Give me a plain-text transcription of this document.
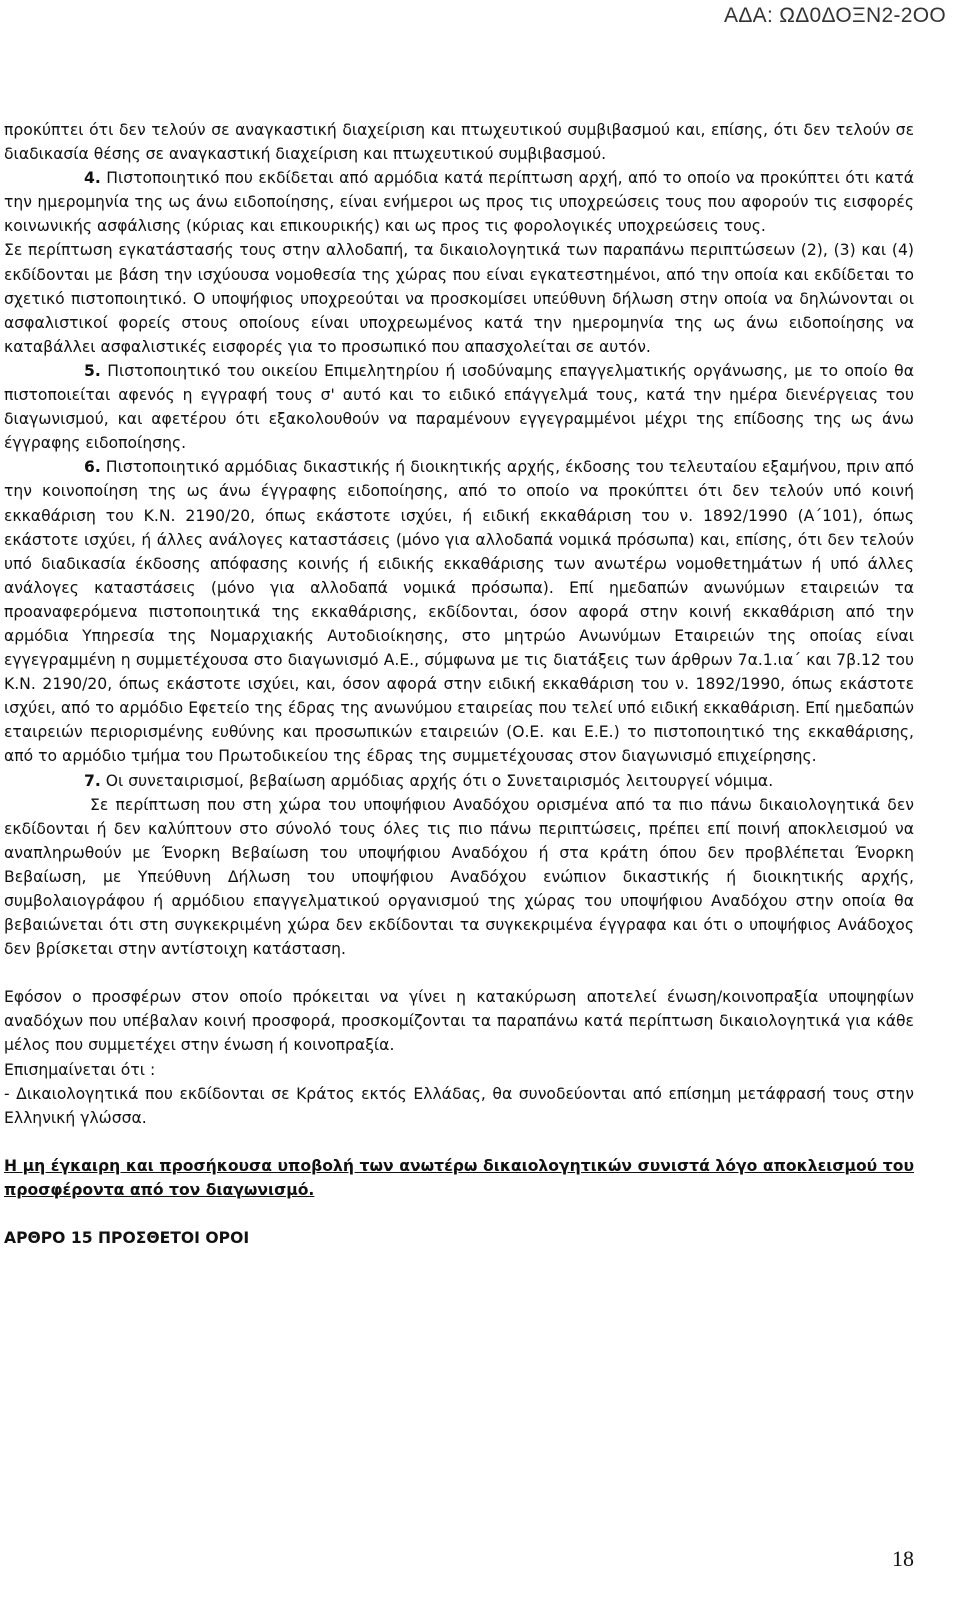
ΑΔΑ: ΩΔ0ΔΟΞΝ2-2ΟΟ

προκύπτει ότι δεν τελούν σε αναγκαστική διαχείριση και πτωχευτικού συμβιβασμού και, επίσης, ότι δεν τελούν σε διαδικασία θέσης σε αναγκαστική διαχείριση και πτωχευτικού συμβιβασμού.

4. Πιστοποιητικό που εκδίδεται από αρμόδια κατά περίπτωση αρχή, από το οποίο να προκύπτει ότι κατά την ημερομηνία της ως άνω ειδοποίησης, είναι ενήμεροι ως προς τις υποχρεώσεις τους που αφορούν τις εισφορές κοινωνικής ασφάλισης (κύριας και επικουρικής) και ως προς τις φορολογικές υποχρεώσεις τους.

Σε περίπτωση εγκατάστασής τους στην αλλοδαπή, τα δικαιολογητικά των παραπάνω περιπτώσεων (2), (3) και (4) εκδίδονται με βάση την ισχύουσα νομοθεσία της χώρας που είναι εγκατεστημένοι, από την οποία και εκδίδεται το σχετικό πιστοποιητικό. Ο υποψήφιος υποχρεούται να προσκομίσει υπεύθυνη δήλωση στην οποία να δηλώνονται οι ασφαλιστικοί φορείς στους οποίους είναι υποχρεωμένος κατά την ημερομηνία της ως άνω ειδοποίησης να καταβάλλει ασφαλιστικές εισφορές για το προσωπικό που απασχολείται σε αυτόν.

5. Πιστοποιητικό του οικείου Επιμελητηρίου ή ισοδύναμης επαγγελματικής οργάνωσης, με το οποίο θα πιστοποιείται αφενός η εγγραφή τους σ' αυτό και το ειδικό επάγγελμά τους, κατά την ημέρα διενέργειας του διαγωνισμού, και αφετέρου ότι εξακολουθούν να παραμένουν εγγεγραμμένοι μέχρι της επίδοσης της ως άνω έγγραφης ειδοποίησης.

6. Πιστοποιητικό αρμόδιας δικαστικής ή διοικητικής αρχής, έκδοσης του τελευταίου εξαμήνου, πριν από την κοινοποίηση της ως άνω έγγραφης ειδοποίησης, από το οποίο να προκύπτει ότι δεν τελούν υπό κοινή εκκαθάριση του Κ.Ν. 2190/20, όπως εκάστοτε ισχύει, ή ειδική εκκαθάριση του ν. 1892/1990 (Α΄101), όπως εκάστοτε ισχύει, ή άλλες ανάλογες καταστάσεις (μόνο για αλλοδαπά νομικά πρόσωπα) και, επίσης, ότι δεν τελούν υπό διαδικασία έκδοσης απόφασης κοινής ή ειδικής εκκαθάρισης των ανωτέρω νομοθετημάτων ή υπό άλλες ανάλογες καταστάσεις (μόνο για αλλοδαπά νομικά πρόσωπα). Επί ημεδαπών ανωνύμων εταιρειών τα προαναφερόμενα πιστοποιητικά της εκκαθάρισης, εκδίδονται, όσον αφορά στην κοινή εκκαθάριση από την αρμόδια Υπηρεσία της Νομαρχιακής Αυτοδιοίκησης, στο μητρώο Ανωνύμων Εταιρειών της οποίας είναι εγγεγραμμένη η συμμετέχουσα στο διαγωνισμό Α.Ε., σύμφωνα με τις διατάξεις των άρθρων 7α.1.ια΄ και 7β.12 του Κ.Ν. 2190/20, όπως εκάστοτε ισχύει, και, όσον αφορά στην ειδική εκκαθάριση του ν. 1892/1990, όπως εκάστοτε ισχύει, από το αρμόδιο Εφετείο της έδρας της ανωνύμου εταιρείας που τελεί υπό ειδική εκκαθάριση. Επί ημεδαπών εταιρειών περιορισμένης ευθύνης και προσωπικών εταιρειών (Ο.Ε. και Ε.Ε.) το πιστοποιητικό της εκκαθάρισης, από το αρμόδιο τμήμα του Πρωτοδικείου της έδρας της συμμετέχουσας στον διαγωνισμό επιχείρησης.

7. Οι συνεταιρισμοί, βεβαίωση αρμόδιας αρχής ότι ο Συνεταιρισμός λειτουργεί νόμιμα.

Σε περίπτωση που στη χώρα του υποψήφιου Αναδόχου ορισμένα από τα πιο πάνω δικαιολογητικά δεν εκδίδονται ή δεν καλύπτουν στο σύνολό τους όλες τις πιο πάνω περιπτώσεις, πρέπει επί ποινή αποκλεισμού να αναπληρωθούν με Ένορκη Βεβαίωση του υποψήφιου Αναδόχου ή στα κράτη όπου δεν προβλέπεται Ένορκη Βεβαίωση, με Υπεύθυνη Δήλωση του υποψήφιου Αναδόχου ενώπιον δικαστικής ή διοικητικής αρχής, συμβολαιογράφου ή αρμόδιου επαγγελματικού οργανισμού της χώρας του υποψήφιου Αναδόχου στην οποία θα βεβαιώνεται ότι στη συγκεκριμένη χώρα δεν εκδίδονται τα συγκεκριμένα έγγραφα και ότι ο υποψήφιος Ανάδοχος δεν βρίσκεται στην αντίστοιχη κατάσταση.

Εφόσον ο προσφέρων στον οποίο πρόκειται να γίνει η κατακύρωση αποτελεί ένωση/κοινοπραξία υποψηφίων αναδόχων που υπέβαλαν κοινή προσφορά, προσκομίζονται τα παραπάνω κατά περίπτωση δικαιολογητικά για κάθε μέλος που συμμετέχει στην ένωση ή κοινοπραξία.

Επισημαίνεται ότι :

- Δικαιολογητικά που εκδίδονται σε Κράτος εκτός Ελλάδας, θα συνοδεύονται από επίσημη μετάφρασή τους στην Ελληνική γλώσσα.

Η μη έγκαιρη και προσήκουσα υποβολή των ανωτέρω δικαιολογητικών συνιστά λόγο αποκλεισμού του προσφέροντα από τον διαγωνισμό.

ΑΡΘΡΟ 15 ΠΡΟΣΘΕΤΟΙ ΟΡΟΙ

18
